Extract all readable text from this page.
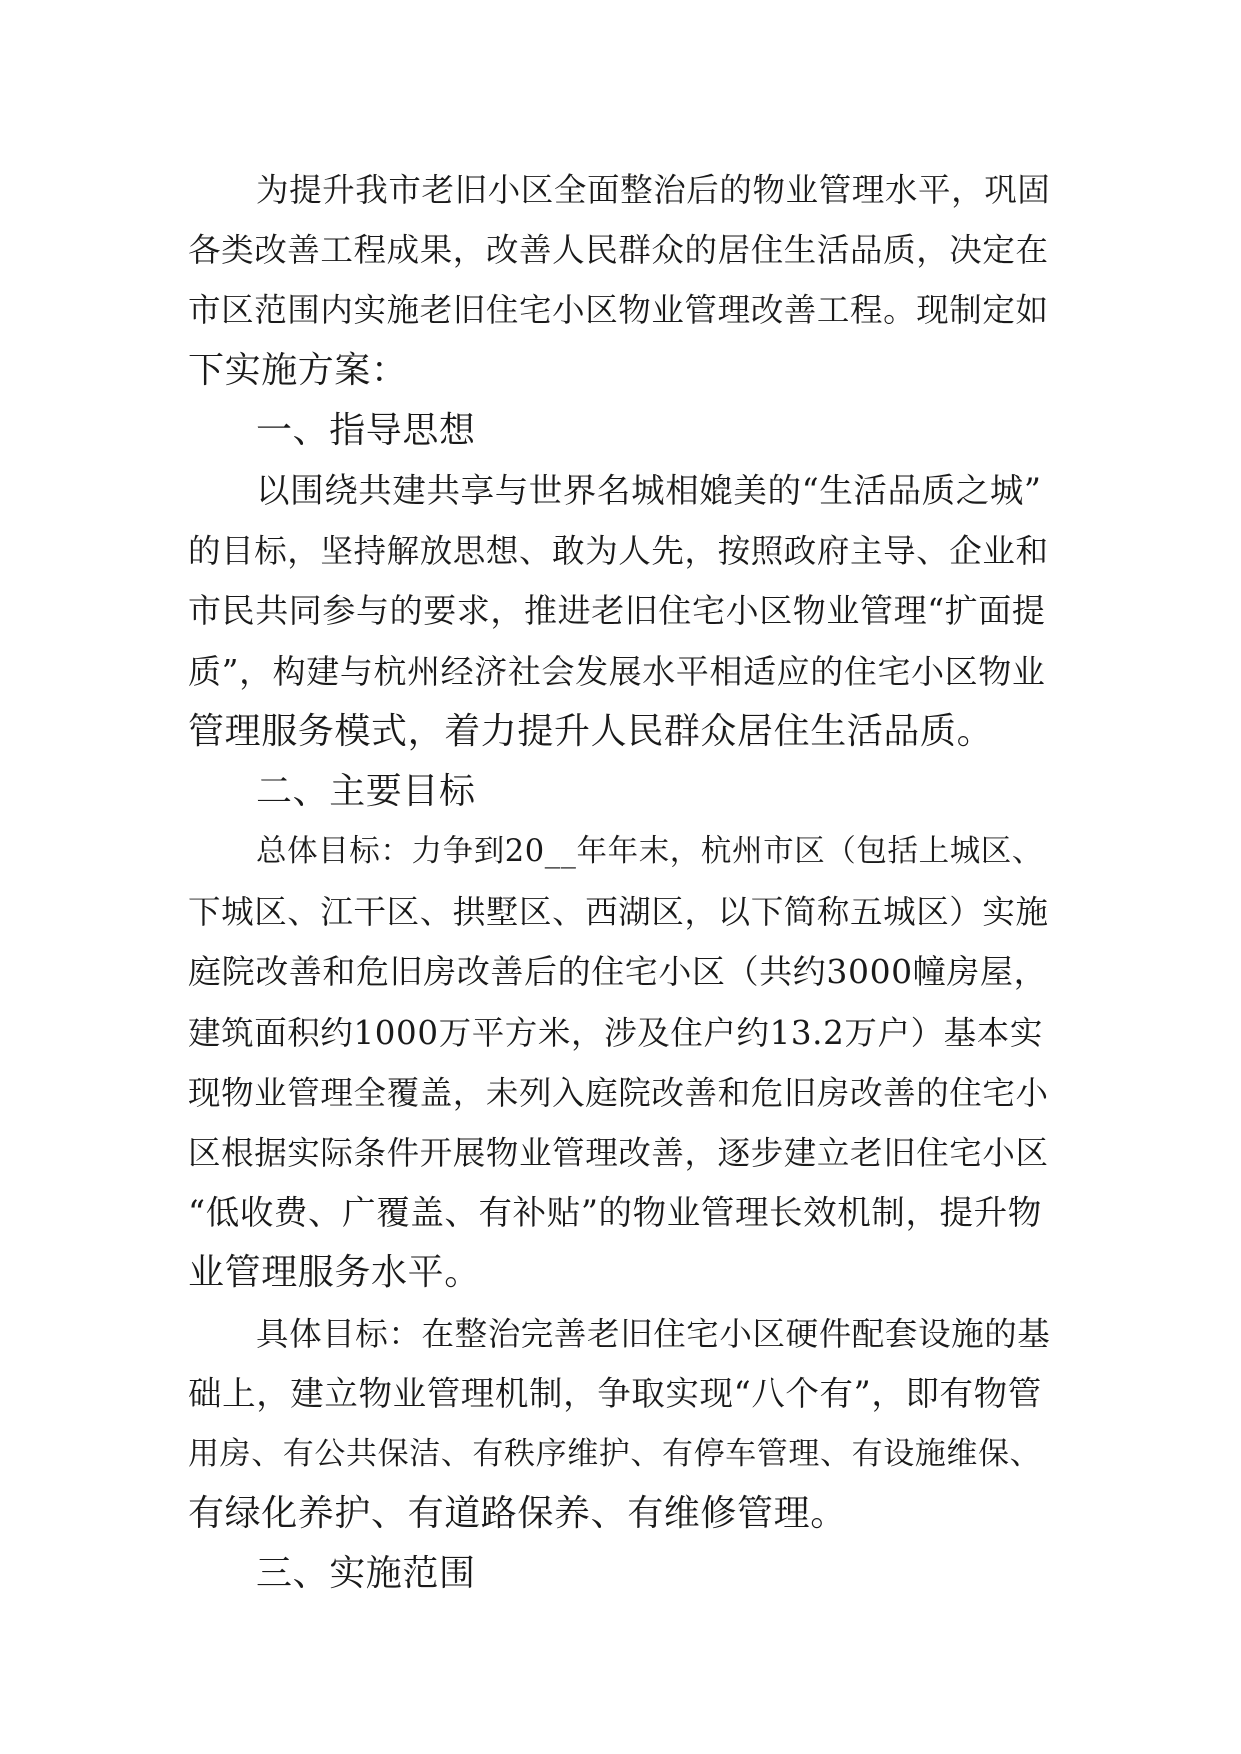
为提升我市老旧小区全面整治后的物业管理水平，巩固
各类改善工程成果，改善人民群众的居住生活品质，决定在
市区范围内实施老旧住宅小区物业管理改善工程。现制定如
下实施方案：
一、指导思想
以围绕共建共享与世界名城相媲美的“生活品质之城”
的目标，坚持解放思想、敢为人先，按照政府主导、企业和
市民共同参与的要求，推进老旧住宅小区物业管理“扩面提
质”，构建与杭州经济社会发展水平相适应的住宅小区物业
管理服务模式，着力提升人民群众居住生活品质。
二、主要目标
总体目标：力争到20__年年末，杭州市区（包括上城区、
下城区、江干区、拱墅区、西湖区，以下简称五城区）实施
庭院改善和危旧房改善后的住宅小区（共约3000幢房屋，
建筑面积约1000万平方米，涉及住户约13.2万户）基本实
现物业管理全覆盖，未列入庭院改善和危旧房改善的住宅小
区根据实际条件开展物业管理改善，逐步建立老旧住宅小区
“低收费、广覆盖、有补贴”的物业管理长效机制，提升物
业管理服务水平。
具体目标：在整治完善老旧住宅小区硬件配套设施的基
础上，建立物业管理机制，争取实现“八个有”，即有物管
用房、有公共保洁、有秩序维护、有停车管理、有设施维保、
有绿化养护、有道路保养、有维修管理。
三、实施范围
